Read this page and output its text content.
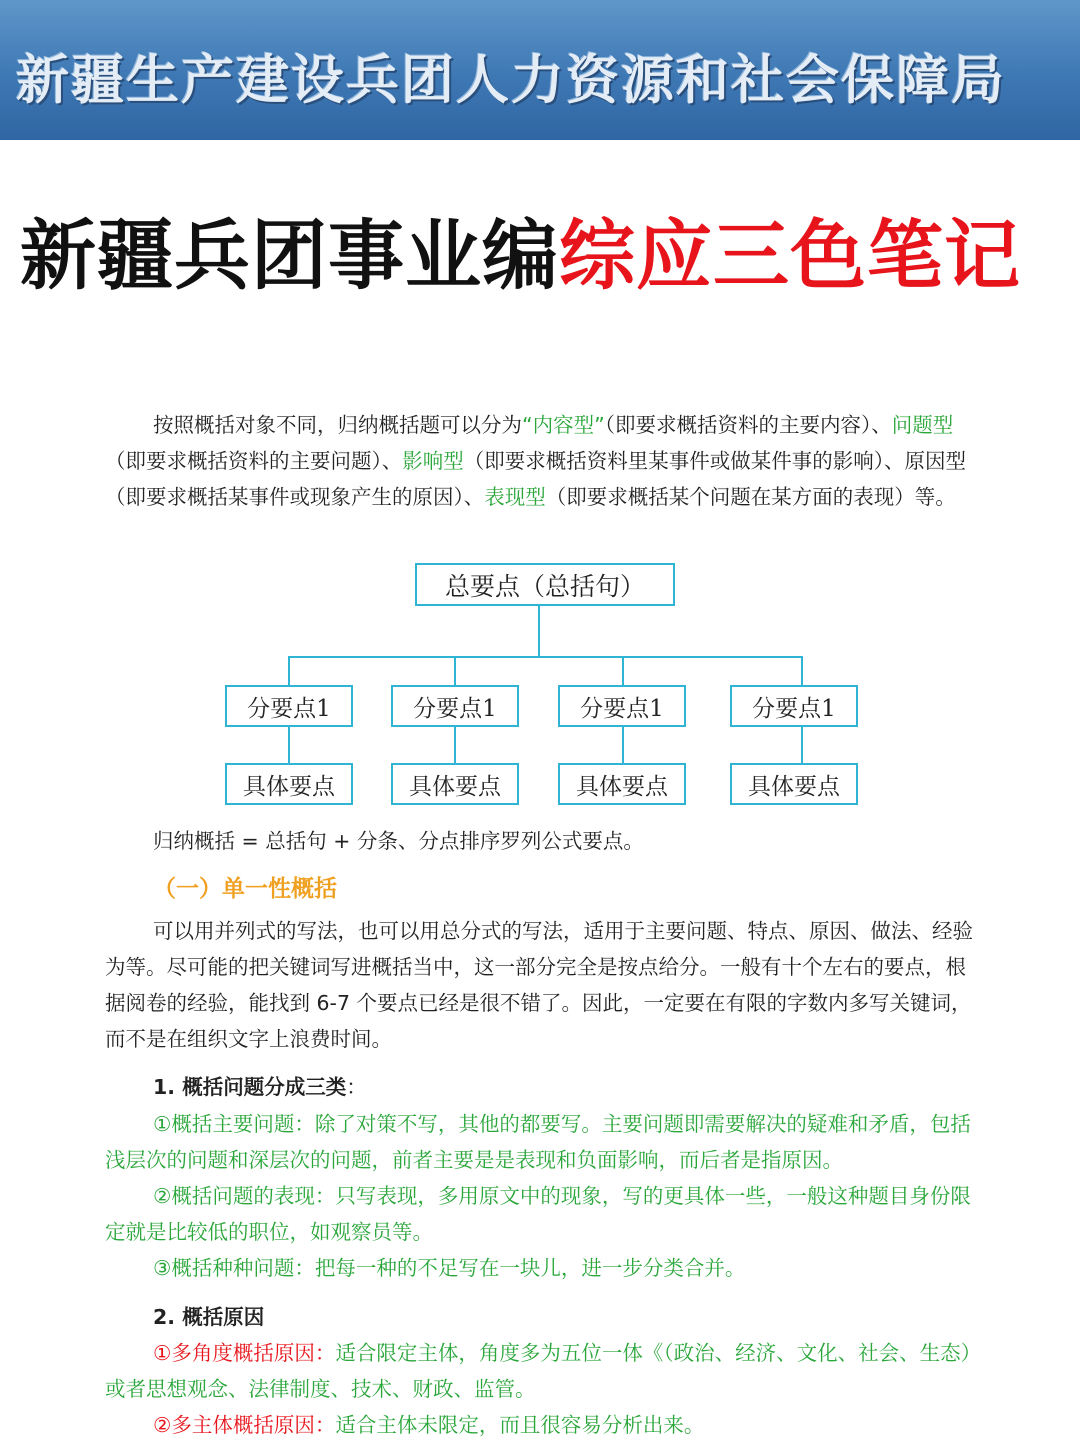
新疆生产建设兵团人力资源和社会保障局
新疆兵团事业编综应三色笔记

按照概括对象不同，归纳概括题可以分为“内容型”（即要求概括资料的主要内容）、问题型（即要求概括资料的主要问题）、影响型（即要求概括资料里某事件或做某件事的影响）、原因型（即要求概括某事件或现象产生的原因）、表现型（即要求概括某个问题在某方面的表现）等。

总要点（总括句）
分要点1	分要点1	分要点1	分要点1
具体要点	具体要点	具体要点	具体要点
归纳概括 = 总括句 + 分条、分点排序罗列公式要点。
（一）单一性概括

可以用并列式的写法，也可以用总分式的写法，适用于主要问题、特点、原因、做法、经验为等。尽可能的把关键词写进概括当中，这一部分完全是按点给分。一般有十个左右的要点，根据阅卷的经验，能找到 6-7 个要点已经是很不错了。因此，一定要在有限的字数内多写关键词，而不是在组织文字上浪费时间。

1. 概括问题分成三类：

①概括主要问题：除了对策不写，其他的都要写。主要问题即需要解决的疑难和矛盾，包括浅层次的问题和深层次的问题，前者主要是是表现和负面影响，而后者是指原因。

②概括问题的表现：只写表现，多用原文中的现象，写的更具体一些，一般这种题目身份限定就是比较低的职位，如观察员等。

③概括种种问题：把每一种的不足写在一块儿，进一步分类合并。

2. 概括原因

①多角度概括原因：适合限定主体，角度多为五位一体《（政治、经济、文化、社会、生态）或者思想观念、法律制度、技术、财政、监管。

②多主体概括原因：适合主体未限定，而且很容易分析出来。
